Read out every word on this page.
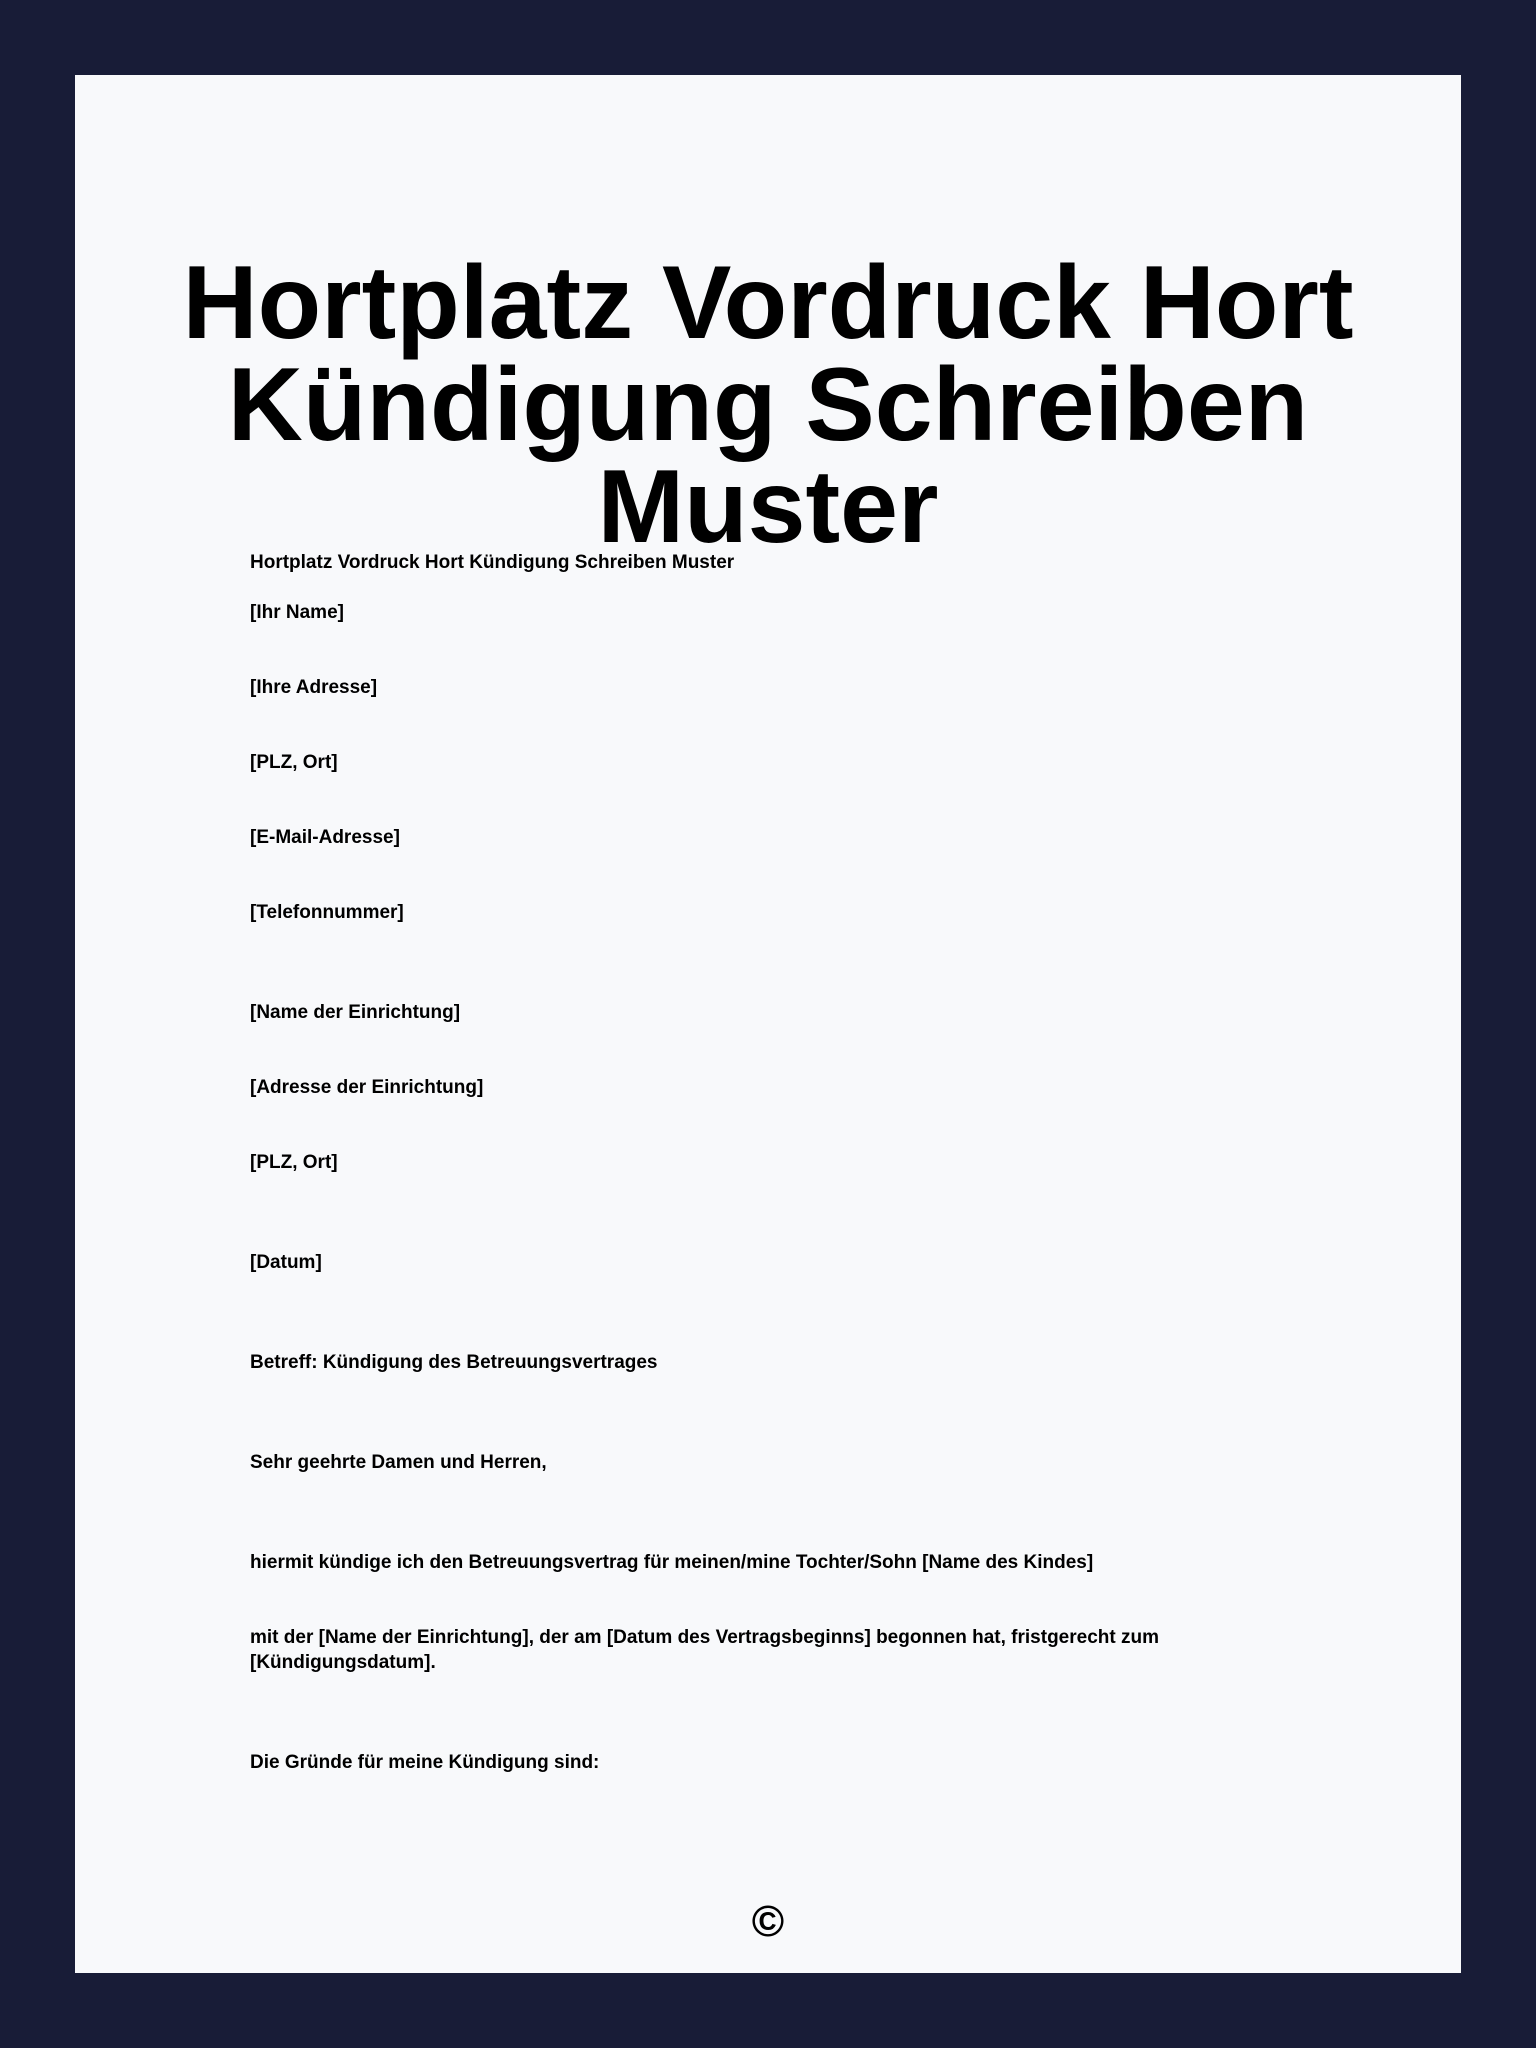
Hortplatz Vordruck Hort
Kündigung Schreiben Muster
Hortplatz Vordruck Hort Kündigung Schreiben Muster
[Ihr Name]
[Ihre Adresse]
[PLZ, Ort]
[E-Mail-Adresse]
[Telefonnummer]
[Name der Einrichtung]
[Adresse der Einrichtung]
[PLZ, Ort]
[Datum]
Betreff: Kündigung des Betreuungsvertrages
Sehr geehrte Damen und Herren,
hiermit kündige ich den Betreuungsvertrag für meinen/mine Tochter/Sohn [Name des Kindes]
mit der [Name der Einrichtung], der am [Datum des Vertragsbeginns] begonnen hat, fristgerecht zum [Kündigungsdatum].
Die Gründe für meine Kündigung sind:
©
